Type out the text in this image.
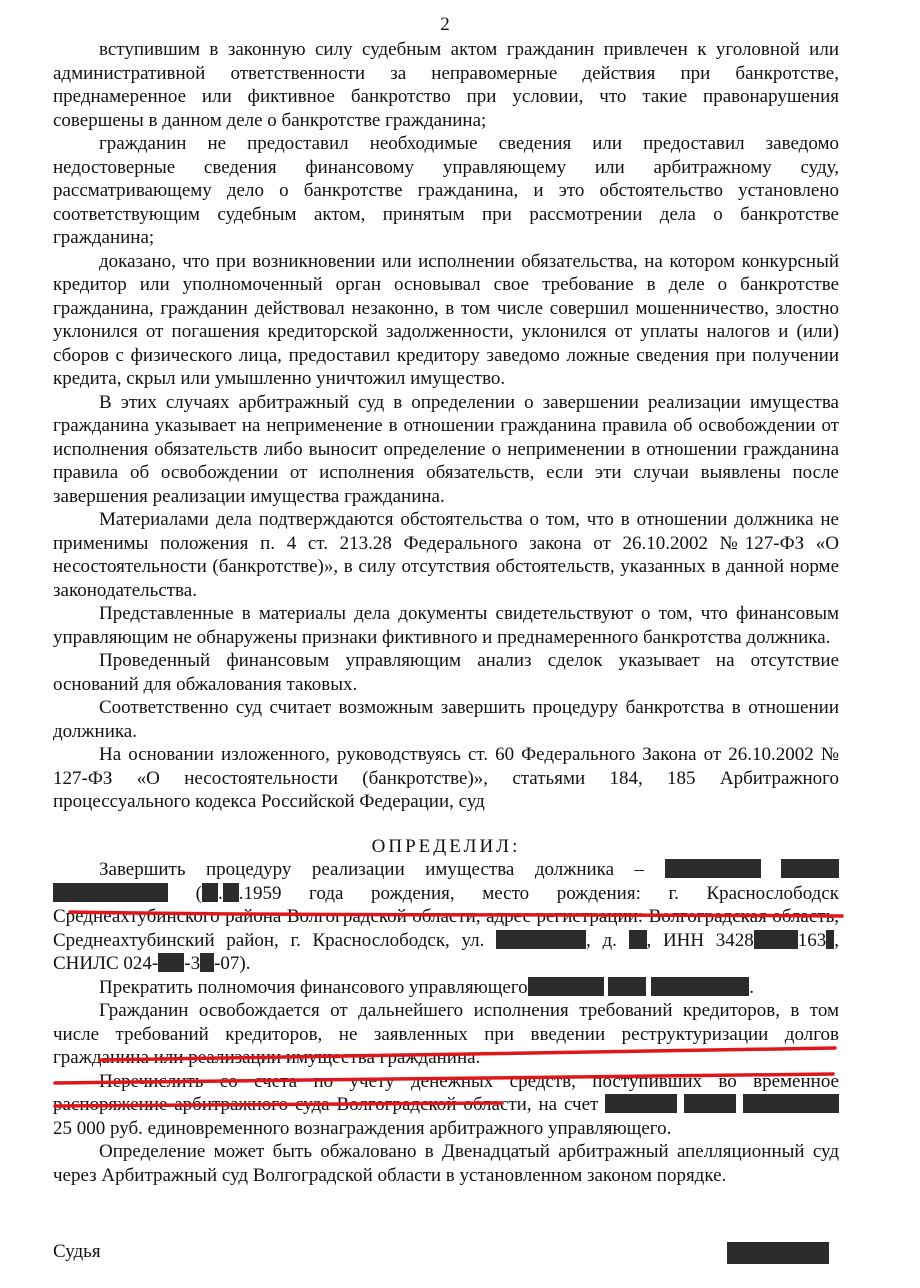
2

вступившим в законную силу судебным актом гражданин привлечен к уголовной или административной ответственности за неправомерные действия при банкротстве, преднамеренное или фиктивное банкротство при условии, что такие правонарушения совершены в данном деле о банкротстве гражданина;

гражданин не предоставил необходимые сведения или предоставил заведомо недостоверные сведения финансовому управляющему или арбитражному суду, рассматривающему дело о банкротстве гражданина, и это обстоятельство установлено соответствующим судебным актом, принятым при рассмотрении дела о банкротстве гражданина;

доказано, что при возникновении или исполнении обязательства, на котором конкурсный кредитор или уполномоченный орган основывал свое требование в деле о банкротстве гражданина, гражданин действовал незаконно, в том числе совершил мошенничество, злостно уклонился от погашения кредиторской задолженности, уклонился от уплаты налогов и (или) сборов с физического лица, предоставил кредитору заведомо ложные сведения при получении кредита, скрыл или умышленно уничтожил имущество.

В этих случаях арбитражный суд в определении о завершении реализации имущества гражданина указывает на неприменение в отношении гражданина правила об освобождении от исполнения обязательств либо выносит определение о неприменении в отношении гражданина правила об освобождении от исполнения обязательств, если эти случаи выявлены после завершения реализации имущества гражданина.

Материалами дела подтверждаются обстоятельства о том, что в отношении должника не применимы положения п. 4 ст. 213.28 Федерального закона от 26.10.2002 №127-ФЗ «О несостоятельности (банкротстве)», в силу отсутствия обстоятельств, указанных в данной норме законодательства.

Представленные в материалы дела документы свидетельствуют о том, что финансовым управляющим не обнаружены признаки фиктивного и преднамеренного банкротства должника.

Проведенный финансовым управляющим анализ сделок указывает на отсутствие оснований для обжалования таковых.

Соответственно суд считает возможным завершить процедуру банкротства в отношении должника.

На основании изложенного, руководствуясь ст. 60 Федерального Закона от 26.10.2002 № 127-ФЗ «О несостоятельности (банкротстве)», статьями 184, 185 Арбитражного процессуального кодекса Российской Федерации, суд

ОПРЕДЕЛИЛ:

Завершить процедуру реализации имущества должника –    ( . .1959 года рождения, место рождения: г. Краснослободск Среднеахтубинского района Волгоградской области, адрес регистрации: Волгоградская область, Среднеахтубинский район, г. Краснослободск, ул.	, д. , ИНН 3428 163 , СНИЛС 024- -3 -07).

Прекратить полномочия финансового управляющего	.

Гражданин освобождается от дальнейшего исполнения требований кредиторов, в том числе требований кредиторов, не заявленных при введении реструктуризации долгов гражданина или реализации имущества гражданина.

Перечислить со счета по учету денежных средств, поступивших во временное распоряжение арбитражного суда Волгоградской области, на счет    25 000 руб. единовременного вознаграждения арбитражного управляющего.

Определение может быть обжаловано в Двенадцатый арбитражный апелляционный суд через Арбитражный суд Волгоградской области в установленном законом порядке.

Судья
